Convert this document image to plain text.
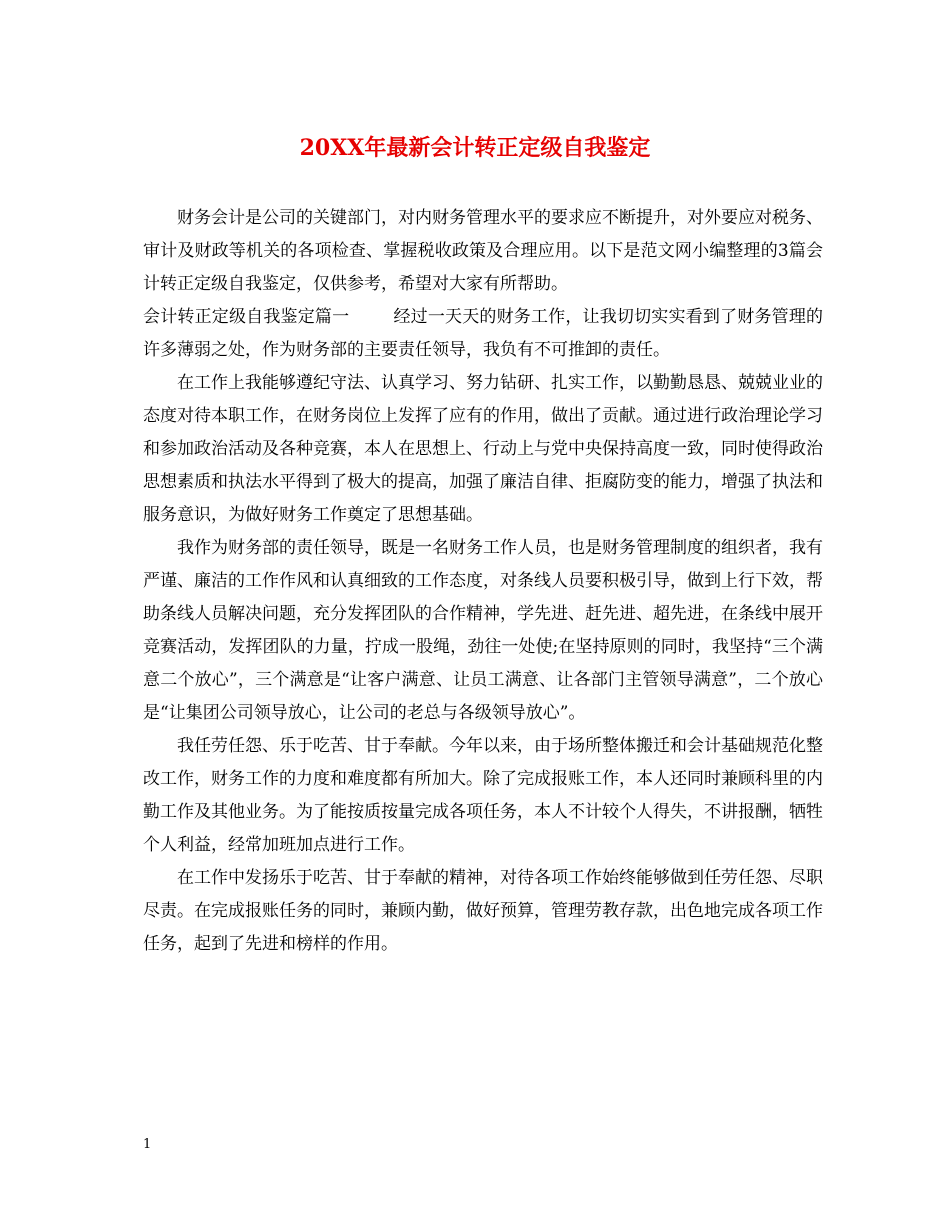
20XX年最新会计转正定级自我鉴定

财务会计是公司的关键部门，对内财务管理水平的要求应不断提升，对外要应对税务、审计及财政等机关的各项检查、掌握税收政策及合理应用。以下是范文网小编整理的3篇会计转正定级自我鉴定，仅供参考，希望对大家有所帮助。

会计转正定级自我鉴定篇一	经过一天天的财务工作，让我切切实实看到了财务管理的许多薄弱之处，作为财务部的主要责任领导，我负有不可推卸的责任。

在工作上我能够遵纪守法、认真学习、努力钻研、扎实工作，以勤勤恳恳、兢兢业业的态度对待本职工作，在财务岗位上发挥了应有的作用，做出了贡献。通过进行政治理论学习和参加政治活动及各种竞赛，本人在思想上、行动上与党中央保持高度一致，同时使得政治思想素质和执法水平得到了极大的提高，加强了廉洁自律、拒腐防变的能力，增强了执法和服务意识，为做好财务工作奠定了思想基础。

我作为财务部的责任领导，既是一名财务工作人员，也是财务管理制度的组织者，我有严谨、廉洁的工作作风和认真细致的工作态度，对条线人员要积极引导，做到上行下效，帮助条线人员解决问题，充分发挥团队的合作精神，学先进、赶先进、超先进，在条线中展开竞赛活动，发挥团队的力量，拧成一股绳，劲往一处使;在坚持原则的同时，我坚持“三个满意二个放心”，三个满意是“让客户满意、让员工满意、让各部门主管领导满意”，二个放心是“让集团公司领导放心，让公司的老总与各级领导放心”。

我任劳任怨、乐于吃苦、甘于奉献。今年以来，由于场所整体搬迁和会计基础规范化整改工作，财务工作的力度和难度都有所加大。除了完成报账工作，本人还同时兼顾科里的内勤工作及其他业务。为了能按质按量完成各项任务，本人不计较个人得失，不讲报酬，牺牲个人利益，经常加班加点进行工作。

在工作中发扬乐于吃苦、甘于奉献的精神，对待各项工作始终能够做到任劳任怨、尽职尽责。在完成报账任务的同时，兼顾内勤，做好预算，管理劳教存款，出色地完成各项工作任务，起到了先进和榜样的作用。

1
